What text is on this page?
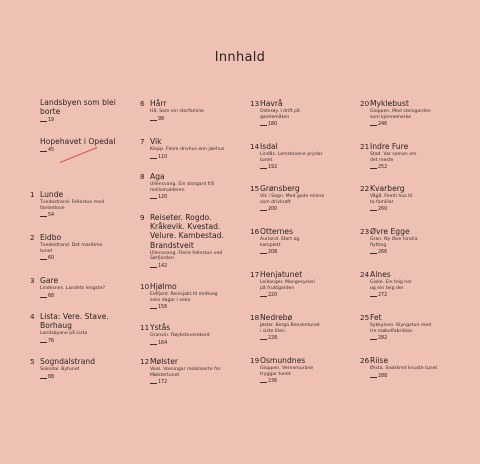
Innhald
Landsbyen som blei
borte
19
Hopehavet i Opedal
45
1 Lunde
Tvedestrand. Fellestun med
fantestove
54
2 Eidbo
Tvedestrand. Det maritime
tunet
60
3 Gare
Lindesnes. Landets lengste?
68
4 Lista: Vere. Stave.
Borhaug
Landsbyane på Lista
76
5 Sogndalstrand
Sokndal. Bytunet
88
6 Hårr
Hå. Som ein storfamilie
98
7 Vik
Klepp. Fleire drivhus enn jærhus
110
8 Aga
Ullensvang. Ein storgard frå
mellomalderen
120
9 Reiseter. Rogdo.
Kråkevik. Kvestad.
Velure. Kambestad.
Brandstveit
Ullensvang. Fleire fellestun ved
Sørfjorden
142
10 Hjølmo
Eidfjord. Reinsjakt til midtveg
seks dagar i veka
156
11 Ystås
Granvin. Røykstoverekord
164
12 Mølster
Voss. Vossingar mobiliserte for
Mølstertunet
172
13 Havrå
Osterøy. I drift på
gamlemåten
180
14 Isdal
Lindås. Lemstovene prydar
tunet
192
15 Grønsberg
Vik i Sogn. Med gode minne
som drivkraft
200
16 Otternes
Aurland. Stort og
komplett
208
17 Henjatunet
Leikanger. Mangesysleri
på fruktgarden
220
18 Nedrebø
Jøster. Berga Bensentunet
i siste liten
228
19 Osmundnes
Gloppen. Vernemurane
tryggar tunet
236
20 Myklebust
Gloppen. Med steingarden
som kjennemerke
246
21 Indre Fure
Stad. Var saman om
det meste
252
22 Kvarberg
Vågå. Femti hus til
to familiar
260
23 Øvre Egge
Gran. Ny låve hindra
flytting
266
24 Alnes
Giske. Ein teig her
og ein teig der
272
25 Fet
Sykkylven. Klyngetun med
tre møbelfabrikkar
282
26 Riise
Ørsta. Snøskred knuste tunet
288
